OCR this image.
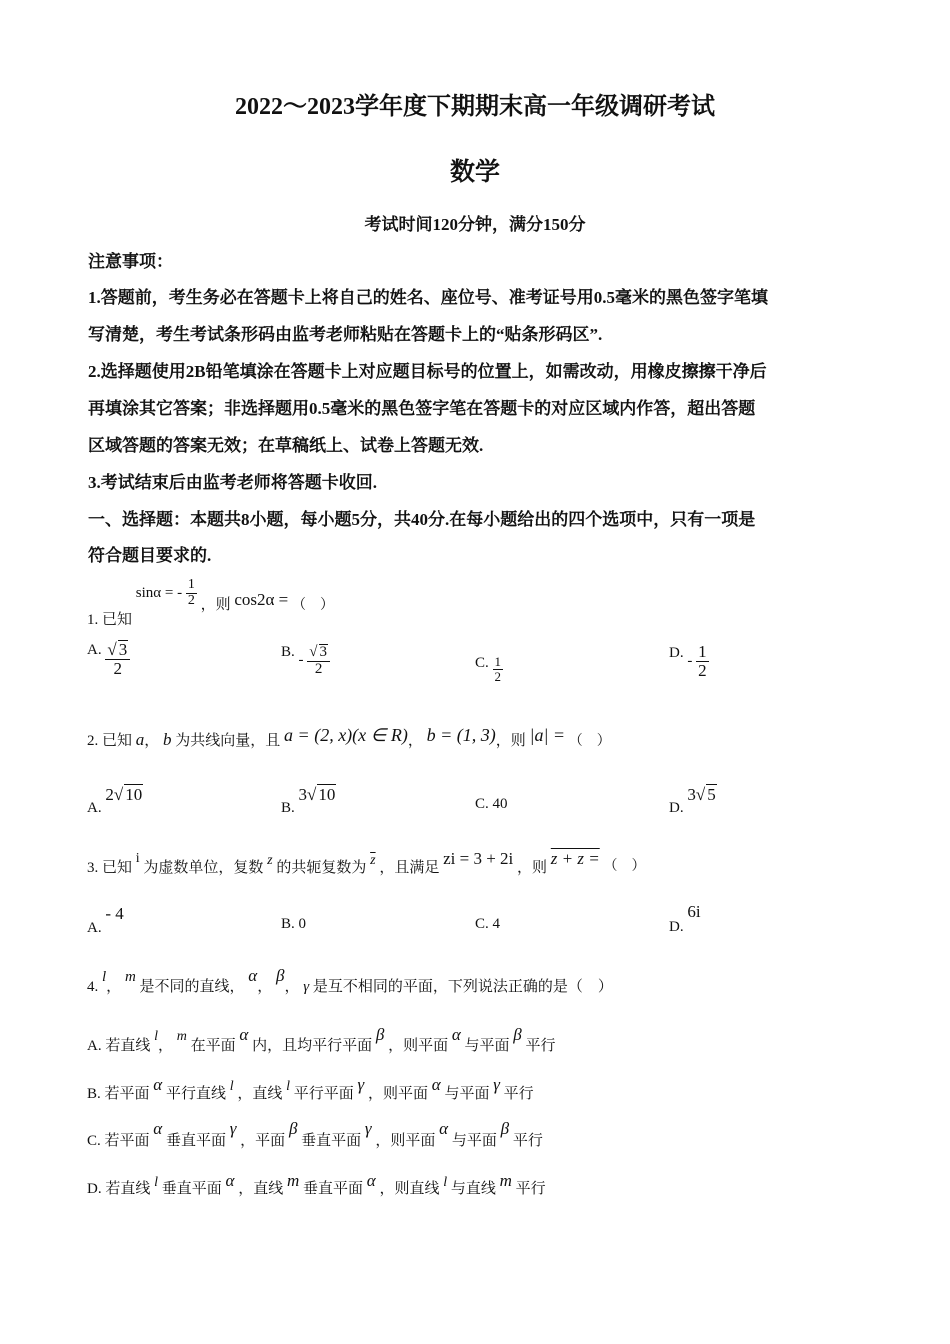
2022～2023学年度下期期末高一年级调研考试
数学
考试时间120分钟，满分150分
注意事项：
1.答题前，考生务必在答题卡上将自己的姓名、座位号、准考证号用0.5毫米的黑色签字笔填
写清楚，考生考试条形码由监考老师粘贴在答题卡上的“贴条形码区”.
2.选择题使用2B铅笔填涂在答题卡上对应题目标号的位置上，如需改动，用橡皮擦擦干净后
再填涂其它答案；非选择题用0.5毫米的黑色签字笔在答题卡的对应区域内作答，超出答题
区域答题的答案无效；在草稿纸上、试卷上答题无效.
3.考试结束后由监考老师将答题卡收回.
一、选择题：本题共8小题，每小题5分，共40分.在每小题给出的四个选项中，只有一项是
符合题目要求的.
1. 已知 sinα = - $\frac{1}{2}$ ，则 cos2α = （　）
A. $\frac{√ 3}{2}$	B. - $\frac{√ 3}{2}$	C. $\frac{1}{2}$
D. - $\frac{1}{2}$
2. 已知 a， b 为共线向量，且 a = (2, x)(x ∈ R)， b = (1, 3)，则 |a| = （　）
A. 2√ 10
B. 3√ 10	C. 40	D. 3√ 5
3. 已知 i 为虚数单位，复数 z 的共轭复数为 $\overline{z}$ ，且满足 zi = 3 + 2i ，则 z + z = （　）
A. - 4
B. 0	C. 4	D. 6i
4. l， m 是不同的直线， α， β， γ 是互不相同的平面，下列说法正确的是（　）
A. 若直线 l， m 在平面 α 内，且均平行平面 β ，则平面 α 与平面 β 平行
B. 若平面 α 平行直线 l ，直线 l 平行平面 γ ，则平面 α 与平面 γ 平行
C. 若平面 α 垂直平面 γ ，平面 β 垂直平面 γ ，则平面 α 与平面 β 平行
D. 若直线 l 垂直平面 α ，直线 m 垂直平面 α ，则直线 l 与直线 m 平行
